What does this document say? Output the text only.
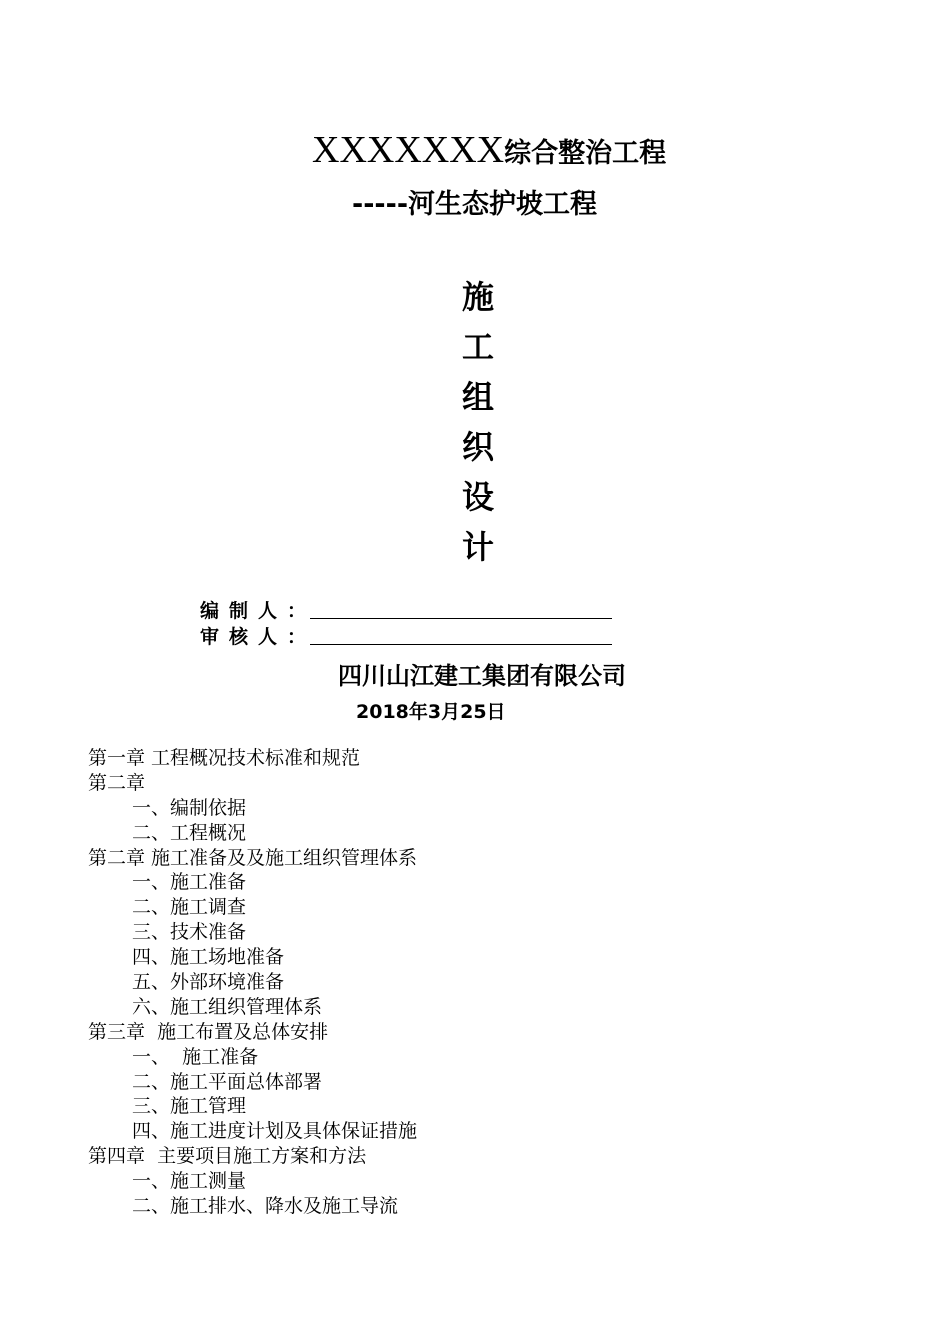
XXXXXXX综合整治工程
-----河生态护坡工程
施
工
组
织
设
计
编制人：
审核人：
四川山江建工集团有限公司
2018年3月25日
第一章 工程概况技术标准和规范
第二章
一、编制依据
二、工程概况
第二章 施工准备及及施工组织管理体系
一、施工准备
二、施工调查
三、技术准备
四、施工场地准备
五、外部环境准备
六、施工组织管理体系
第三章  施工布置及总体安排
一、  施工准备
二、施工平面总体部署
三、施工管理
四、施工进度计划及具体保证措施
第四章  主要项目施工方案和方法
一、施工测量
二、施工排水、降水及施工导流
